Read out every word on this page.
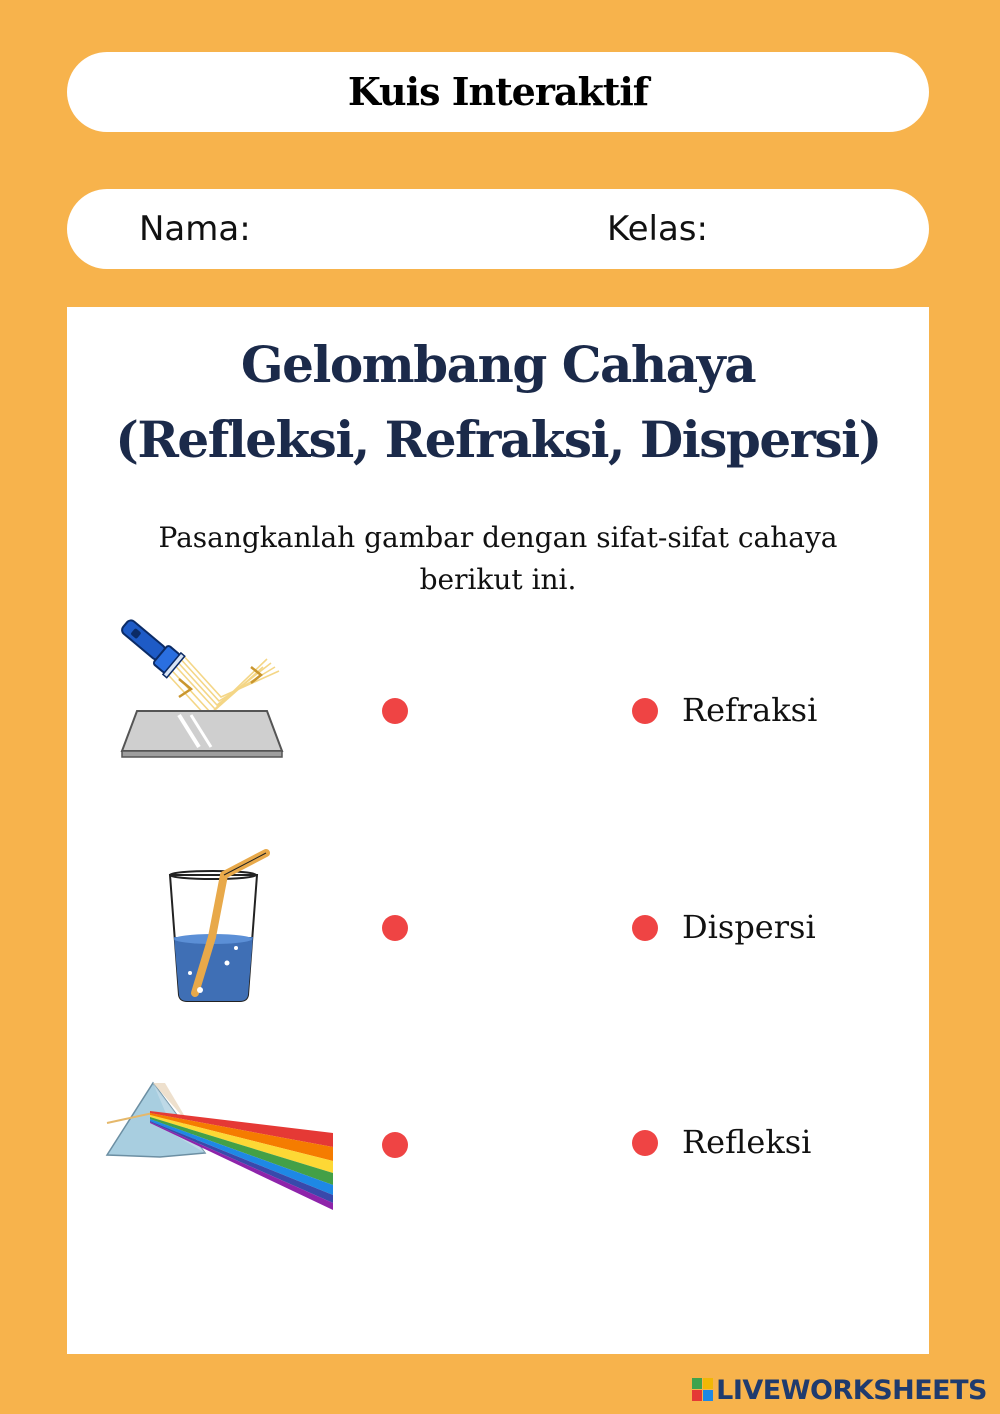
Kuis Interaktif
Nama:	Kelas:
Gelombang Cahaya
(Refleksi, Refraksi, Dispersi)
Pasangkanlah gambar dengan sifat-sifat cahaya
berikut ini.
Refraksi
Dispersi
Refleksi
LIVEWORKSHEETS
